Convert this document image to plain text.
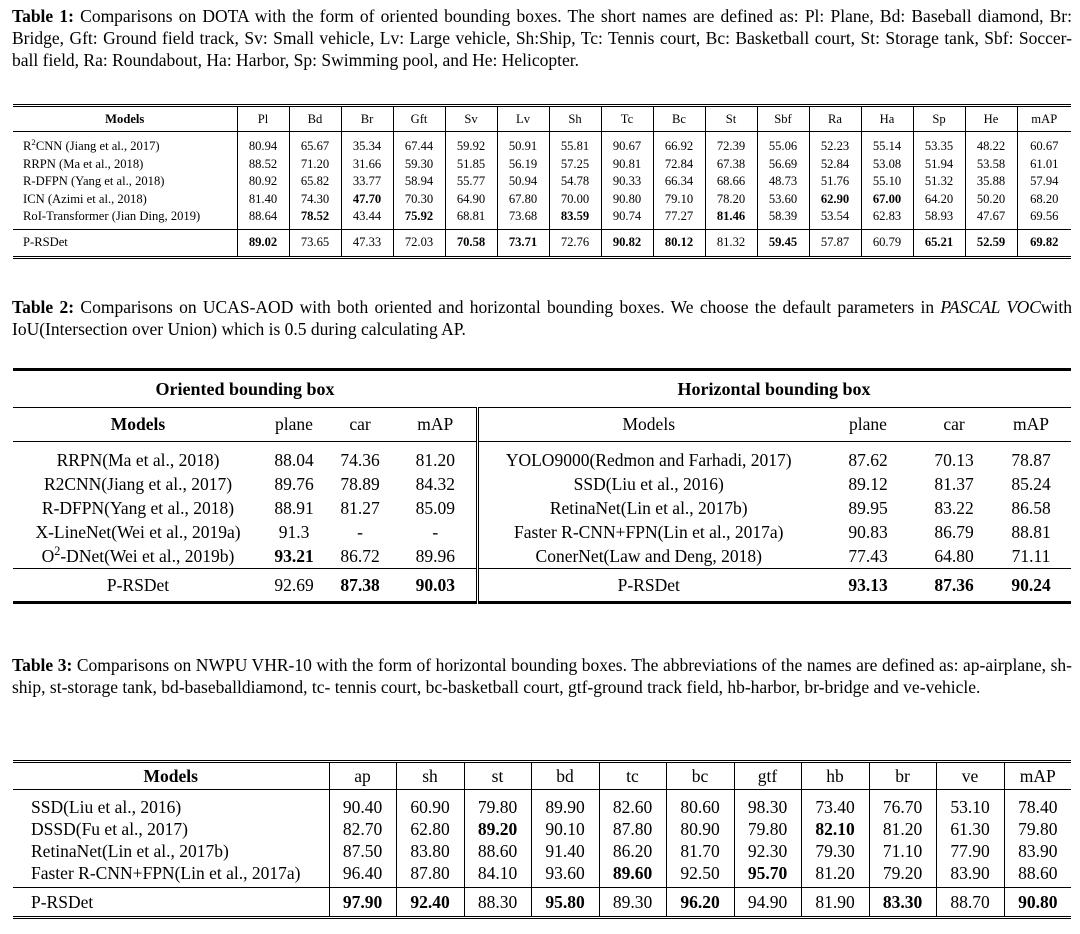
Table 1: Comparisons on DOTA with the form of oriented bounding boxes. The short names are defined as: Pl: Plane, Bd: Baseball diamond, Br: Bridge, Gft: Ground field track, Sv: Small vehicle, Lv: Large vehicle, Sh:Ship, Tc: Tennis court, Bc: Basketball court, St: Storage tank, Sbf: Soccer-ball field, Ra: Roundabout, Ha: Harbor, Sp: Swimming pool, and He: Helicopter.
Models	Pl	Bd	Br	Gft	Sv	Lv	Sh	Tc	Bc	St	Sbf	Ra	Ha	Sp	He	mAP
$R^2CNN$ (Jiang et al., 2017)	80.94	65.67	35.34	67.44	59.92	50.91	55.81	90.67	66.92	72.39	55.06	52.23	55.14	53.35	48.22	60.67
RRPN (Ma et al., 2018)	88.52	71.20	31.66	59.30	51.85	56.19	57.25	90.81	72.84	67.38	56.69	52.84	53.08	51.94	53.58	61.01
R-DFPN (Yang et al., 2018)	80.92	65.82	33.77	58.94	55.77	50.94	54.78	90.33	66.34	68.66	48.73	51.76	55.10	51.32	35.88	57.94
ICN (Azimi et al., 2018)	81.40	74.30	47.70	70.30	64.90	67.80	70.00	90.80	79.10	78.20	53.60	62.90	67.00	64.20	50.20	68.20
RoI-Transformer (Jian Ding, 2019)	88.64	78.52	43.44	75.92	68.81	73.68	83.59	90.74	77.27	81.46	58.39	53.54	62.83	58.93	47.67	69.56
P-RSDet	89.02	73.65	47.33	72.03	70.58	73.71	72.76	90.82	80.12	81.32	59.45	57.87	60.79	65.21	52.59	69.82
Table 2: Comparisons on UCAS-AOD with both oriented and horizontal bounding boxes. We choose the default parameters in PASCAL VOCwith IoU(Intersection over Union) which is 0.5 during calculating AP.
Oriented bounding box				Horizontal bounding box			
Models	plane	car	mAP	Models	plane	car	mAP
RRPN(Ma et al., 2018)	88.04	74.36	81.20	YOLO9000(Redmon and Farhadi, 2017)	87.62	70.13	78.87
R2CNN(Jiang et al., 2017)	89.76	78.89	84.32	SSD(Liu et al., 2016)	89.12	81.37	85.24
R-DFPN(Yang et al., 2018)	88.91	81.27	85.09	RetinaNet(Lin et al., 2017b)	89.95	83.22	86.58
X-LineNet(Wei et al., 2019a)	91.3	-	-	Faster R-CNN+FPN(Lin et al., 2017a)	90.83	86.79	88.81
$O^2-DNet(Wei$ et al., 2019b)	93.21	86.72	89.96	ConerNet(Law and Deng, 2018)	77.43	64.80	71.11
P-RSDet	92.69	87.38	90.03	P-RSDet	93.13	87.36	90.24
Table 3: Comparisons on NWPU VHR-10 with the form of horizontal bounding boxes. The abbreviations of the names are defined as: ap-airplane, sh-ship, st-storage tank, bd-baseballdiamond, tc- tennis court, bc-basketball court, gtf-ground track field, hb-harbor, br-bridge and ve-vehicle.
Models	ap	sh	st	bd	tc	bc	gtf	hb	br	ve	mAP
SSD(Liu et al., 2016)	90.40	60.90	79.80	89.90	82.60	80.60	98.30	73.40	76.70	53.10	78.40
DSSD(Fu et al., 2017)	82.70	62.80	89.20	90.10	87.80	80.90	79.80	82.10	81.20	61.30	79.80
RetinaNet(Lin et al., 2017b)	87.50	83.80	88.60	91.40	86.20	81.70	92.30	79.30	71.10	77.90	83.90
Faster R-CNN+FPN(Lin et al., 2017a)	96.40	87.80	84.10	93.60	89.60	92.50	95.70	81.20	79.20	83.90	88.60
P-RSDet	97.90	92.40	88.30	95.80	89.30	96.20	94.90	81.90	83.30	88.70	90.80
